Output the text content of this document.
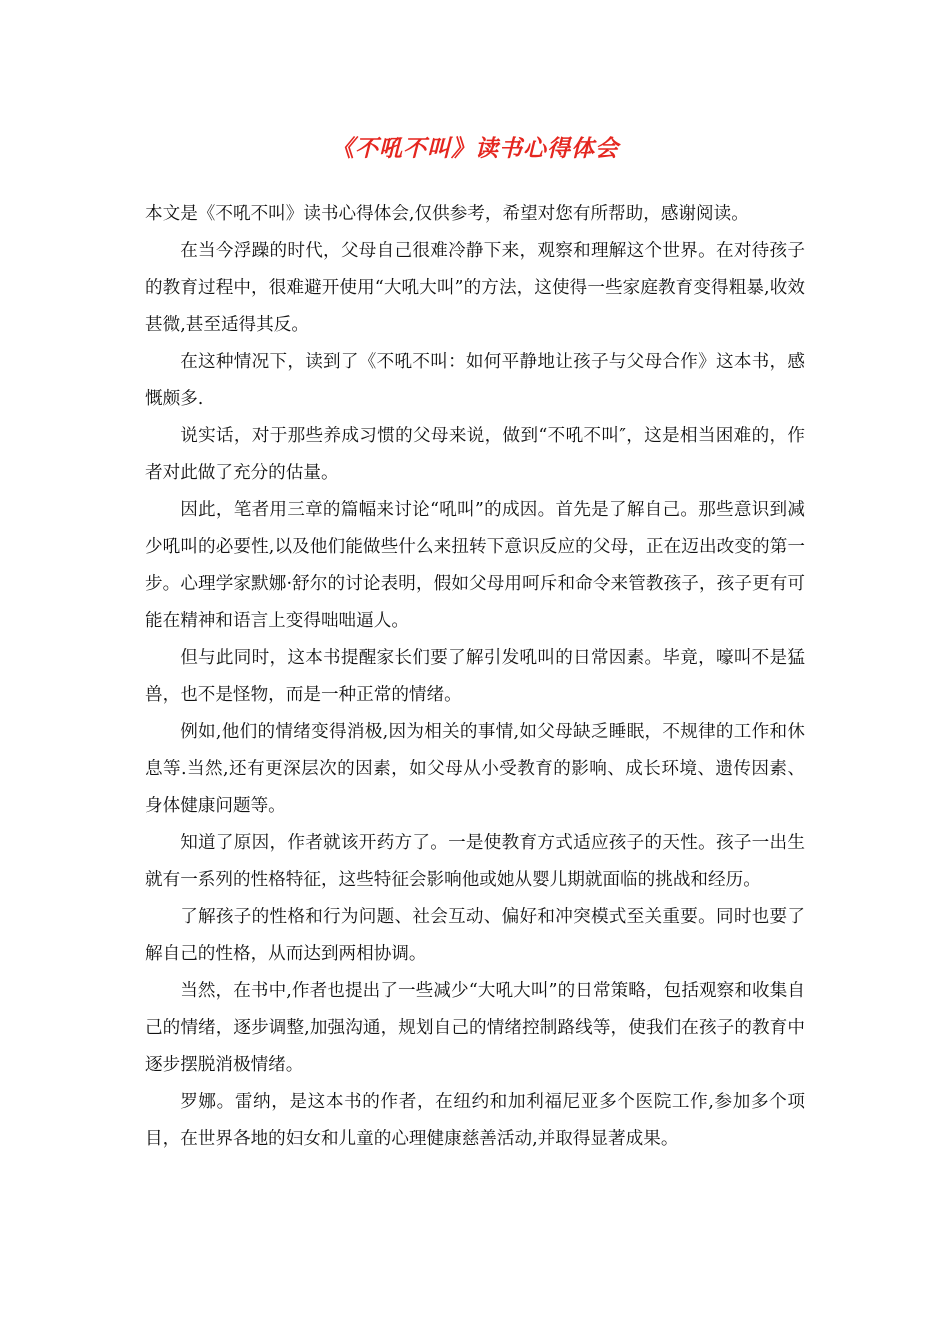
《不吼不叫》读书心得体会

本文是《不吼不叫》读书心得体会,仅供参考，希望对您有所帮助，感谢阅读。

在当今浮躁的时代，父母自己很难冷静下来，观察和理解这个世界。在对待孩子的教育过程中，很难避开使用“大吼大叫”的方法，这使得一些家庭教育变得粗暴,收效甚微,甚至适得其反。

在这种情况下，读到了《不吼不叫：如何平静地让孩子与父母合作》这本书，感慨颇多.

说实话，对于那些养成习惯的父母来说，做到“不吼不叫″，这是相当困难的，作者对此做了充分的估量。

因此，笔者用三章的篇幅来讨论“吼叫”的成因。首先是了解自己。那些意识到减少吼叫的必要性,以及他们能做些什么来扭转下意识反应的父母，正在迈出改变的第一步。心理学家默娜·舒尔的讨论表明，假如父母用呵斥和命令来管教孩子，孩子更有可能在精神和语言上变得咄咄逼人。

但与此同时，这本书提醒家长们要了解引发吼叫的日常因素。毕竟，嚎叫不是猛兽，也不是怪物，而是一种正常的情绪。

例如,他们的情绪变得消极,因为相关的事情,如父母缺乏睡眠，不规律的工作和休息等.当然,还有更深层次的因素，如父母从小受教育的影响、成长环境、遗传因素、身体健康问题等。

知道了原因，作者就该开药方了。一是使教育方式适应孩子的天性。孩子一出生就有一系列的性格特征，这些特征会影响他或她从婴儿期就面临的挑战和经历。

了解孩子的性格和行为问题、社会互动、偏好和冲突模式至关重要。同时也要了解自己的性格，从而达到两相协调。

当然，在书中,作者也提出了一些减少“大吼大叫”的日常策略，包括观察和收集自己的情绪，逐步调整,加强沟通，规划自己的情绪控制路线等，使我们在孩子的教育中逐步摆脱消极情绪。

罗娜。雷纳，是这本书的作者，在纽约和加利福尼亚多个医院工作,参加多个项目，在世界各地的妇女和儿童的心理健康慈善活动,并取得显著成果。
